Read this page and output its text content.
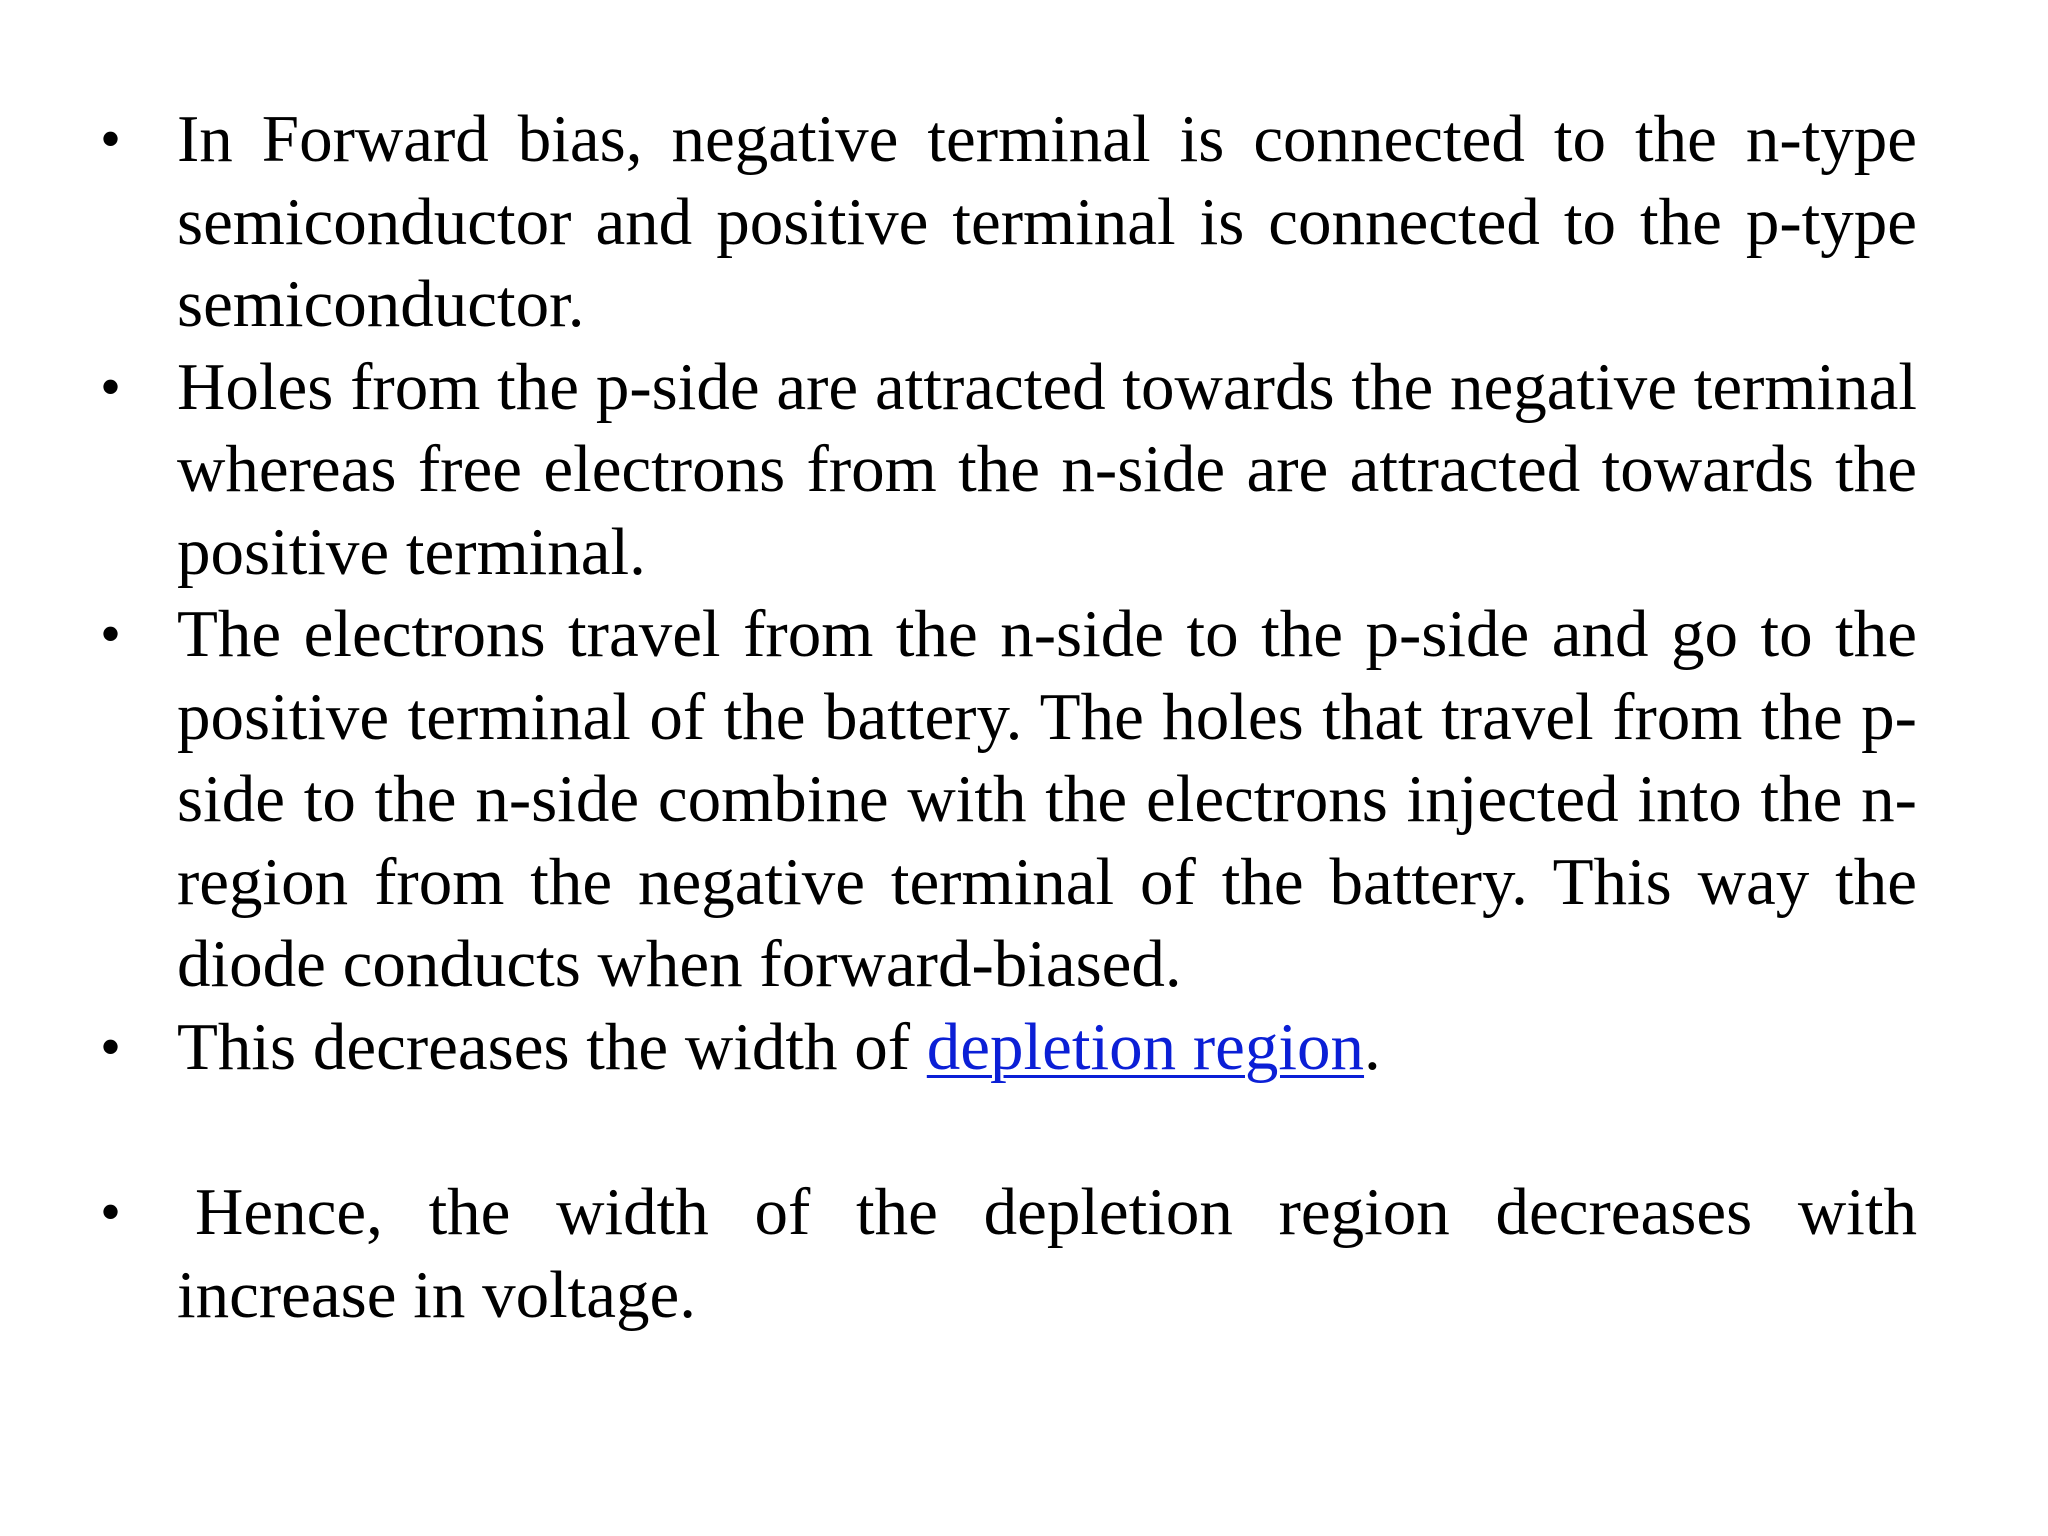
• In Forward bias, negative terminal is connected to the n-type semiconductor and positive terminal is connected to the p-type semiconductor.
• Holes from the p-side are attracted towards the negative terminal whereas free electrons from the n-side are attracted towards the positive terminal.
• The electrons travel from the n-side to the p-side and go to the positive terminal of the battery. The holes that travel from the p-side to the n-side combine with the electrons injected into the n-region from the negative terminal of the battery. This way the diode conducts when forward-biased.
• This decreases the width of depletion region.
• Hence, the width of the depletion region decreases with increase in voltage.
